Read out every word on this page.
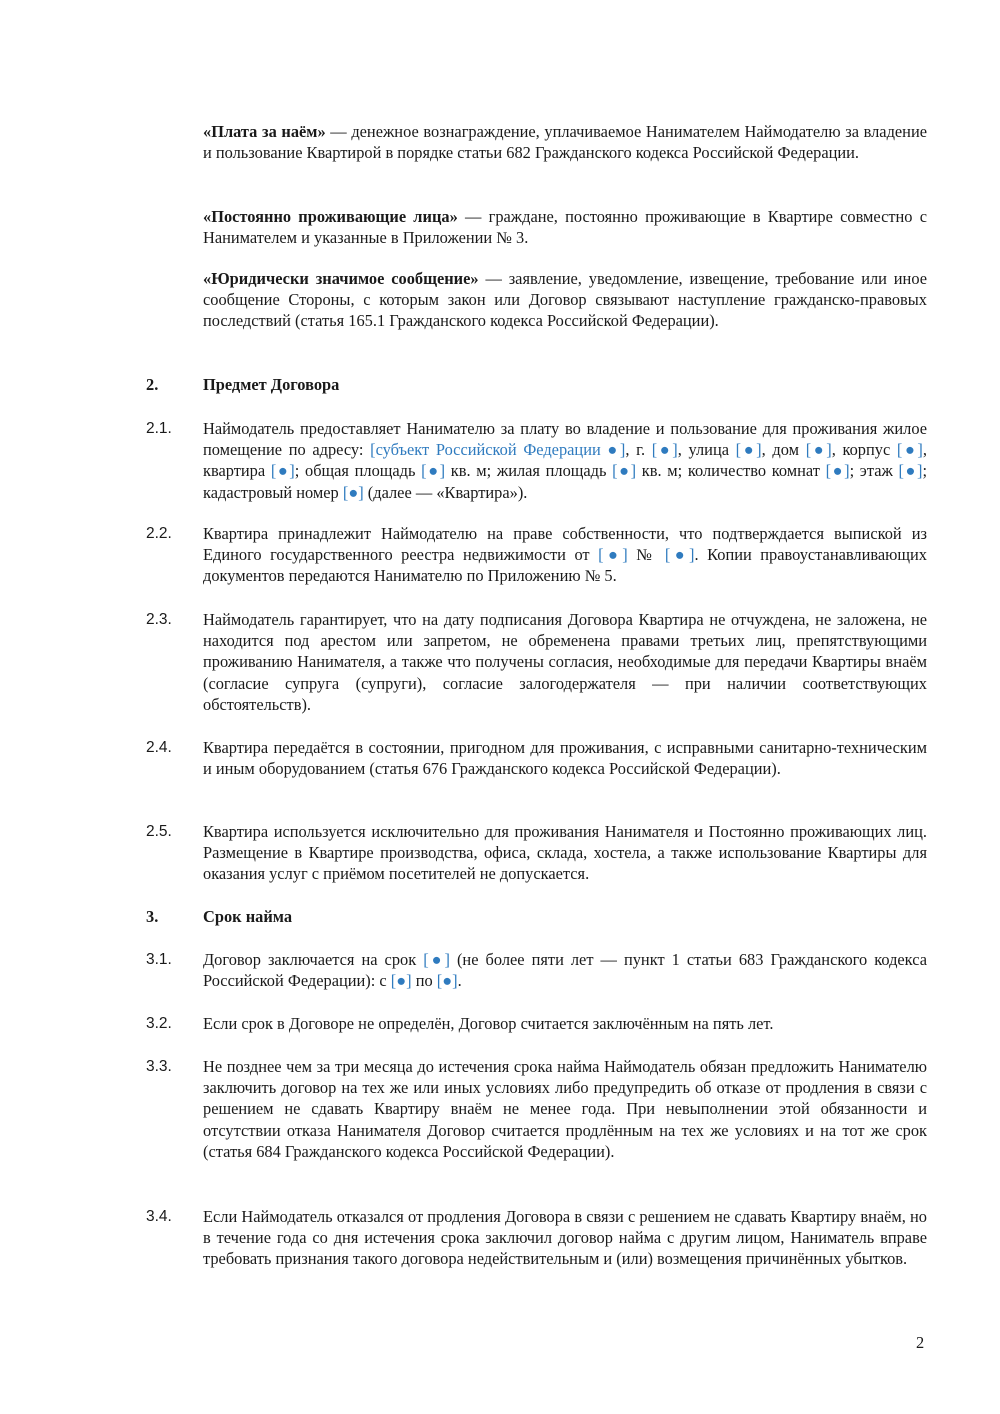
«Плата за наём» — денежное вознаграждение, уплачиваемое Нанимателем Наймодателю за владение и пользование Квартирой в порядке статьи 682 Гражданского кодекса Российской Федерации.

«Постоянно проживающие лица» — граждане, постоянно проживающие в Квартире совместно с Нанимателем и указанные в Приложении № 3.

«Юридически значимое сообщение» — заявление, уведомление, извещение, требование или иное сообщение Стороны, с которым закон или Договор связывают наступление гражданско-правовых последствий (статья 165.1 Гражданского кодекса Российской Федерации).

2.	Предмет Договора
2.1. Наймодатель предоставляет Нанимателю за плату во владение и пользование для проживания жилое помещение по адресу: [субъект Российской Федерации ●], г. [●], улица [●], дом [●], корпус [●], квартира [●]; общая площадь [●] кв. м; жилая площадь [●] кв. м; количество комнат [●]; этаж [●]; кадастровый номер [●] (далее — «Квартира»).
2.2. Квартира принадлежит Наймодателю на праве собственности, что подтверждается выпиской из Единого государственного реестра недвижимости от [●] № [●]. Копии правоустанавливающих документов передаются Нанимателю по Приложению № 5.
2.3. Наймодатель гарантирует, что на дату подписания Договора Квартира не отчуждена, не заложена, не находится под арестом или запретом, не обременена правами третьих лиц, препятствующими проживанию Нанимателя, а также что получены согласия, необходимые для передачи Квартиры внаём (согласие супруга (супруги), согласие залогодержателя — при наличии соответствующих обстоятельств).
2.4. Квартира передаётся в состоянии, пригодном для проживания, с исправными санитарно-техническим и иным оборудованием (статья 676 Гражданского кодекса Российской Федерации).
2.5. Квартира используется исключительно для проживания Нанимателя и Постоянно проживающих лиц. Размещение в Квартире производства, офиса, склада, хостела, а также использование Квартиры для оказания услуг с приёмом посетителей не допускается.
3.	Срок найма
3.1. Договор заключается на срок [●] (не более пяти лет — пункт 1 статьи 683 Гражданского кодекса Российской Федерации): с [●] по [●].
3.2. Если срок в Договоре не определён, Договор считается заключённым на пять лет.
3.3. Не позднее чем за три месяца до истечения срока найма Наймодатель обязан предложить Нанимателю заключить договор на тех же или иных условиях либо предупредить об отказе от продления в связи с решением не сдавать Квартиру внаём не менее года. При невыполнении этой обязанности и отсутствии отказа Нанимателя Договор считается продлённым на тех же условиях и на тот же срок (статья 684 Гражданского кодекса Российской Федерации).
3.4. Если Наймодатель отказался от продления Договора в связи с решением не сдавать Квартиру внаём, но в течение года со дня истечения срока заключил договор найма с другим лицом, Наниматель вправе требовать признания такого договора недействительным и (или) возмещения причинённых убытков.
2
